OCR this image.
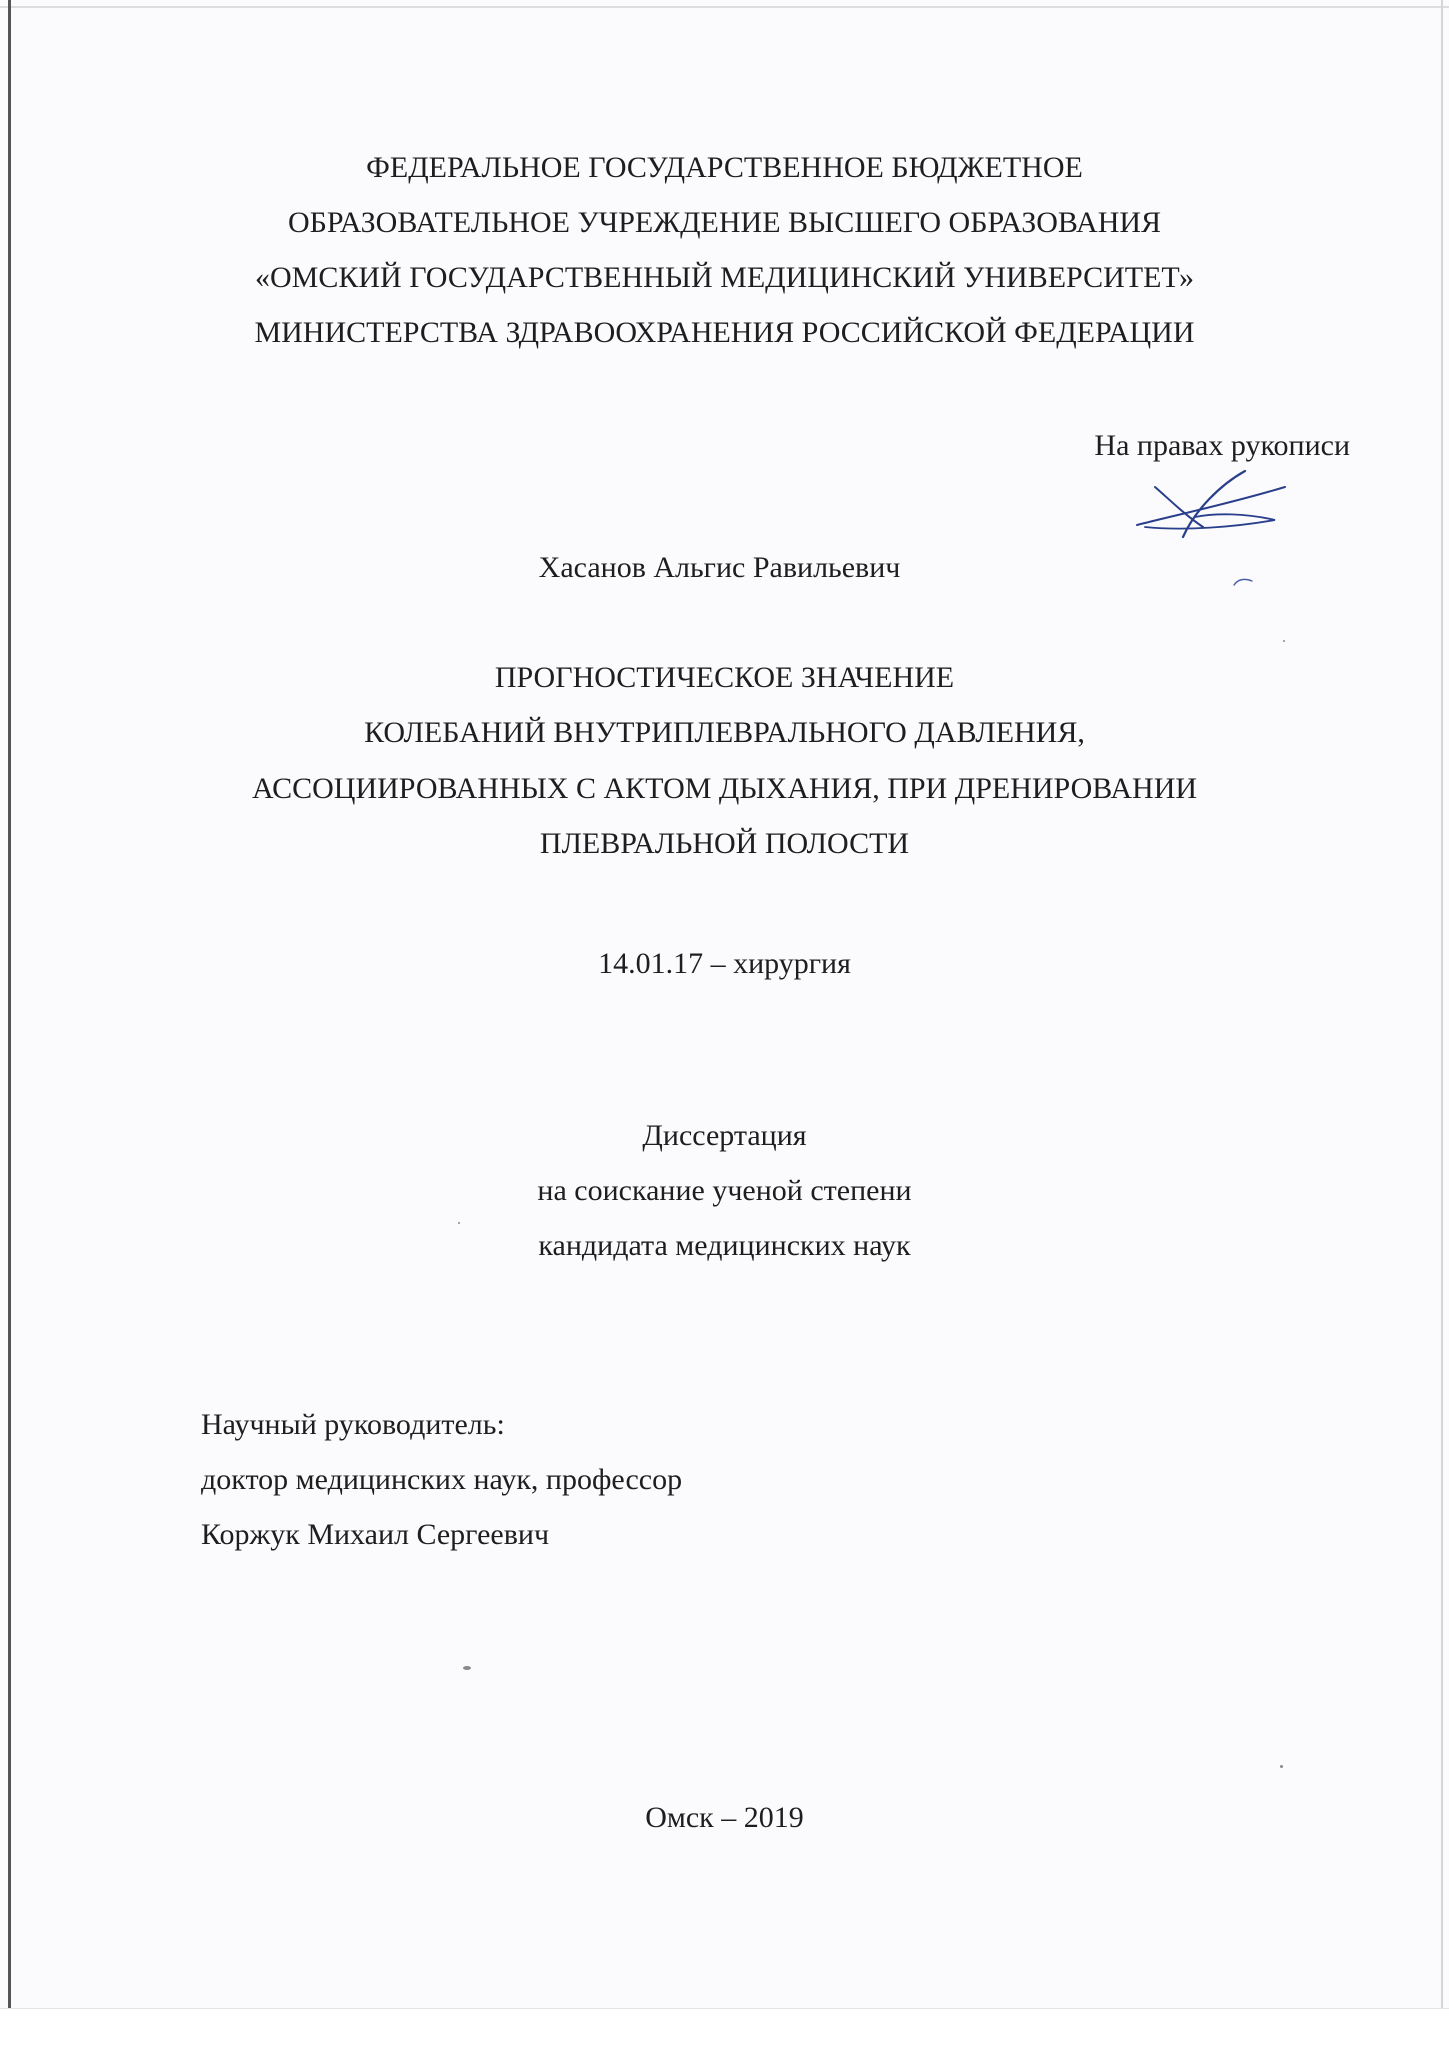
ФЕДЕРАЛЬНОЕ ГОСУДАРСТВЕННОЕ БЮДЖЕТНОЕ
ОБРАЗОВАТЕЛЬНОЕ УЧРЕЖДЕНИЕ ВЫСШЕГО ОБРАЗОВАНИЯ
«ОМСКИЙ ГОСУДАРСТВЕННЫЙ МЕДИЦИНСКИЙ УНИВЕРСИТЕТ»
МИНИСТЕРСТВА ЗДРАВООХРАНЕНИЯ РОССИЙСКОЙ ФЕДЕРАЦИИ
На правах рукописи
Хасанов Альгис Равильевич
ПРОГНОСТИЧЕСКОЕ ЗНАЧЕНИЕ
КОЛЕБАНИЙ ВНУТРИПЛЕВРАЛЬНОГО ДАВЛЕНИЯ,
АССОЦИИРОВАННЫХ С АКТОМ ДЫХАНИЯ, ПРИ ДРЕНИРОВАНИИ
ПЛЕВРАЛЬНОЙ ПОЛОСТИ
14.01.17 – хирургия
Диссертация
на соискание ученой степени
кандидата медицинских наук
Научный руководитель:
доктор медицинских наук, профессор
Коржук Михаил Сергеевич
Омск – 2019
